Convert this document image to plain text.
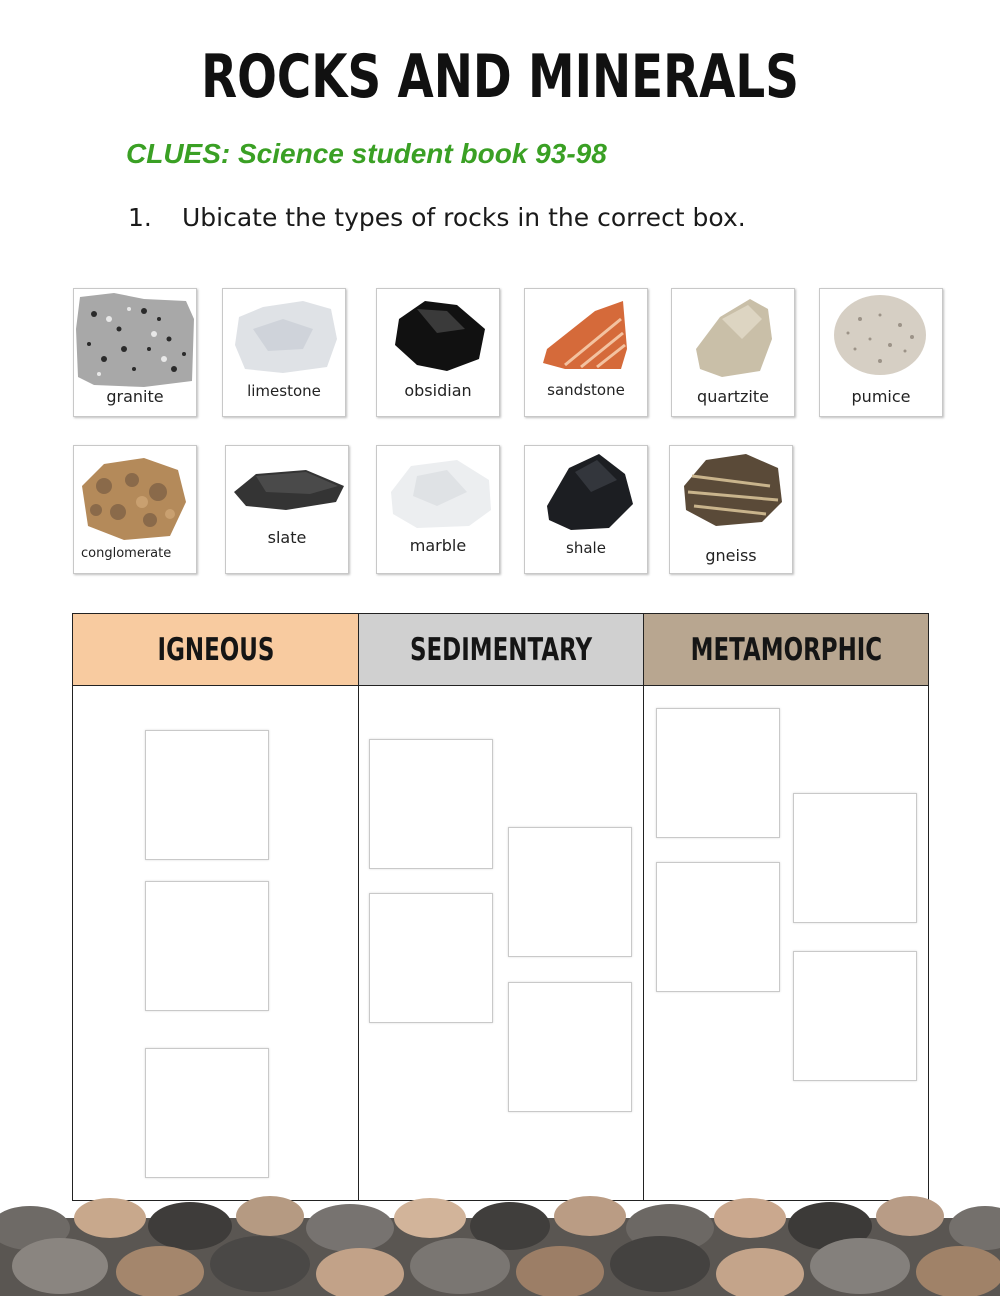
ROCKS AND MINERALS
CLUES: Science student book 93-98
1. Ubicate the types of rocks in the correct box.
granite	limestone	obsidian	sandstone	quartzite	pumice
conglomerate
slate	marble	shale	gneiss
IGNEOUS	SEDIMENTARY	METAMORPHIC
